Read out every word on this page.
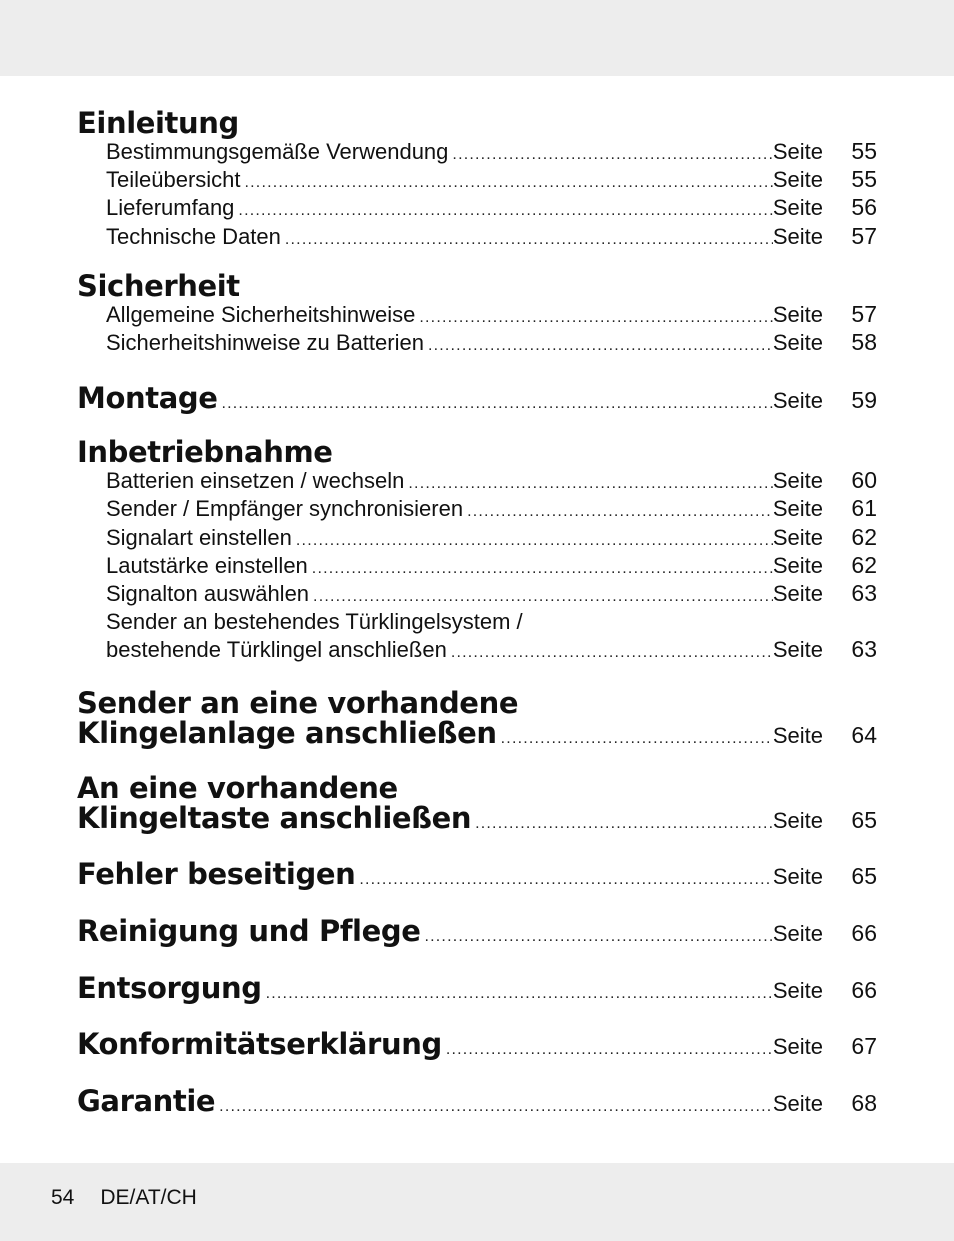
Einleitung
Bestimmungsgemäße Verwendung .....	Seite	55
Teileübersicht .....	Seite	55
Lieferumfang .....	Seite	56
Technische Daten .....	Seite	57
Sicherheit
Allgemeine Sicherheitshinweise .....	Seite	57
Sicherheitshinweise zu Batterien .....	Seite	58
Montage .....	Seite	59
Inbetriebnahme
Batterien einsetzen / wechseln .....	Seite	60
Sender / Empfänger synchronisieren .....	Seite	61
Signalart einstellen .....	Seite	62
Lautstärke einstellen .....	Seite	62
Signalton auswählen .....	Seite	63
Sender an bestehendes Türklingelsystem /
bestehende Türklingel anschließen .....	Seite	63
Sender an eine vorhandene
Klingelanlage anschließen .....	Seite	64
An eine vorhandene
Klingeltaste anschließen .....	Seite	65
Fehler beseitigen .....	Seite	65
Reinigung und Pflege .....	Seite	66
Entsorgung .....	Seite	66
Konformitätserklärung .....	Seite	67
Garantie .....	Seite	68
54 DE/AT/CH
